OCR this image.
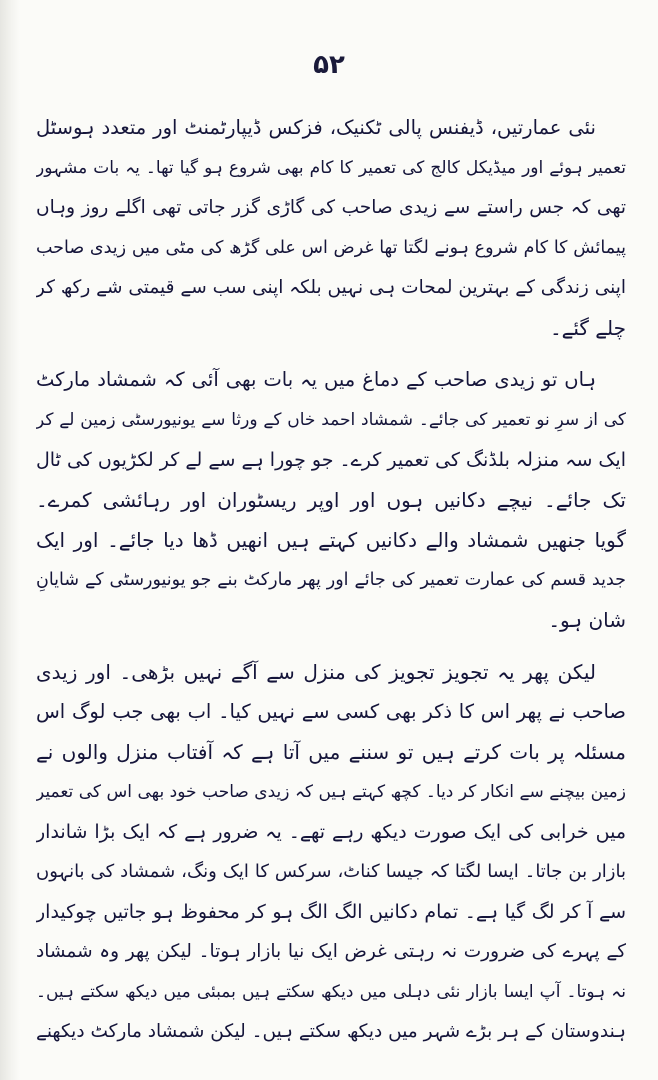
۵۲
نئی عمارتیں، ڈیفنس پالی ٹکنیک، فزکس ڈیپارٹمنٹ اور متعدد ہوسٹل
تعمیر ہوئے اور میڈیکل کالج کی تعمیر کا کام بھی شروع ہو گیا تھا۔ یہ بات مشہور
تھی کہ جس راستے سے زیدی صاحب کی گاڑی گزر جاتی تھی اگلے روز وہاں
پیمائش کا کام شروع ہونے لگتا تھا غرض اس علی گڑھ کی مٹی میں زیدی صاحب
اپنی زندگی کے بہترین لمحات ہی نہیں بلکہ اپنی سب سے قیمتی شے رکھ کر
چلے گئے۔
ہاں تو زیدی صاحب کے دماغ میں یہ بات بھی آئی کہ شمشاد مارکٹ
کی از سرِ نو تعمیر کی جائے۔ شمشاد احمد خاں کے ورثا سے یونیورسٹی زمین لے کر
ایک سہ منزلہ بلڈنگ کی تعمیر کرے۔ جو چورا ہے سے لے کر لکڑیوں کی ٹال
تک جائے۔ نیچے دکانیں ہوں اور اوپر ریسٹوران اور رہائشی کمرے۔
گویا جنھیں شمشاد والے دکانیں کہتے ہیں انھیں ڈھا دیا جائے۔ اور ایک
جدید قسم کی عمارت تعمیر کی جائے اور پھر مارکٹ بنے جو یونیورسٹی کے شایانِ
شان ہو۔
لیکن پھر یہ تجویز تجویز کی منزل سے آگے نہیں بڑھی۔ اور زیدی
صاحب نے پھر اس کا ذکر بھی کسی سے نہیں کیا۔ اب بھی جب لوگ اس
مسئلہ پر بات کرتے ہیں تو سننے میں آتا ہے کہ آفتاب منزل والوں نے
زمین بیچنے سے انکار کر دیا۔ کچھ کہتے ہیں کہ زیدی صاحب خود بھی اس کی تعمیر
میں خرابی کی ایک صورت دیکھ رہے تھے۔ یہ ضرور ہے کہ ایک بڑا شاندار
بازار بن جاتا۔ ایسا لگتا کہ جیسا کناٹ، سرکس کا ایک ونگ، شمشاد کی بانہوں
سے آ کر لگ گیا ہے۔ تمام دکانیں الگ الگ ہو کر محفوظ ہو جاتیں چوکیدار
کے پہرے کی ضرورت نہ رہتی غرض ایک نیا بازار ہوتا۔ لیکن پھر وہ شمشاد
نہ ہوتا۔ آپ ایسا بازار نئی دہلی میں دیکھ سکتے ہیں بمبئی میں دیکھ سکتے ہیں۔
ہندوستان کے ہر بڑے شہر میں دیکھ سکتے ہیں۔ لیکن شمشاد مارکٹ دیکھنے
